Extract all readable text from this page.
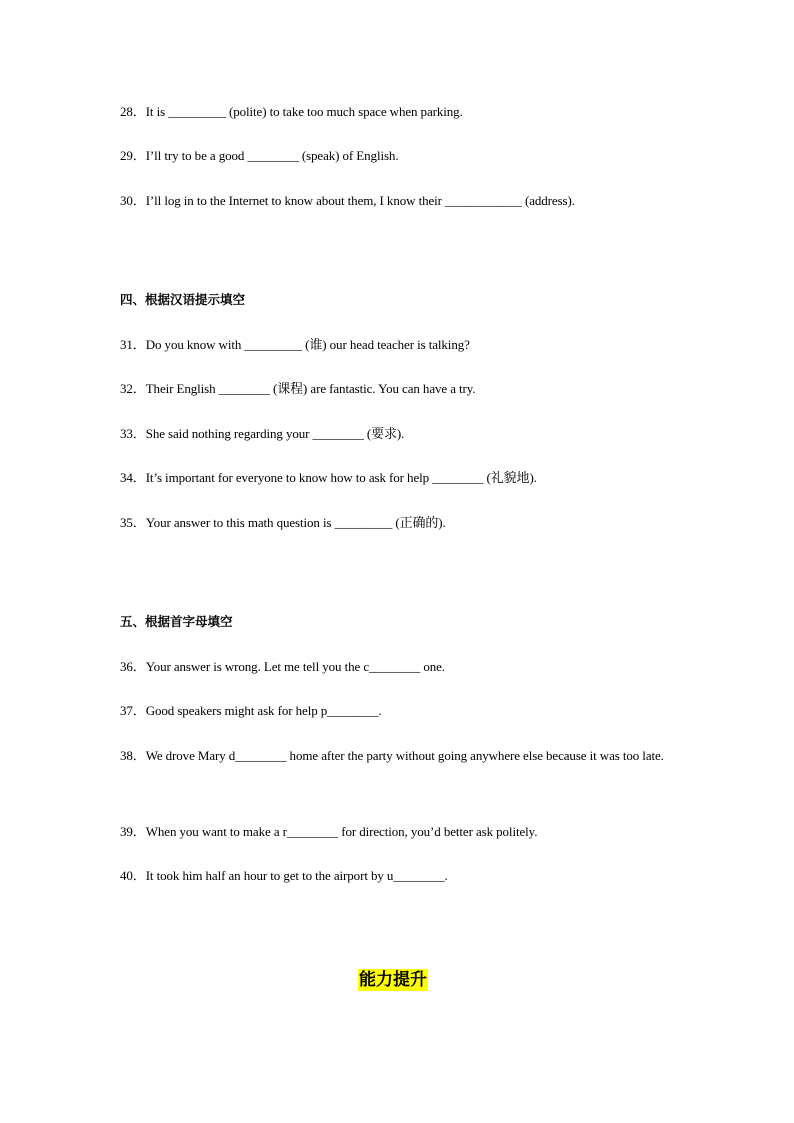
28．It is _________ (polite) to take too much space when parking.
29．I’ll try to be a good ________ (speak) of English.
30．I’ll log in to the Internet to know about them, I know their ____________ (address).
四、根据汉语提示填空
31．Do you know with _________ (谁) our head teacher is talking?
32．Their English ________ (课程) are fantastic. You can have a try.
33．She said nothing regarding your ________ (要求).
34．It’s important for everyone to know how to ask for help ________ (礼貌地).
35．Your answer to this math question is _________ (正确的).
五、根据首字母填空
36．Your answer is wrong. Let me tell you the c________ one.
37．Good speakers might ask for help p________.
38．We drove Mary d________ home after the party without going anywhere else because it was too late.
39．When you want to make a r________ for direction, you’d better ask politely.
40．It took him half an hour to get to the airport by u________.
能力提升
